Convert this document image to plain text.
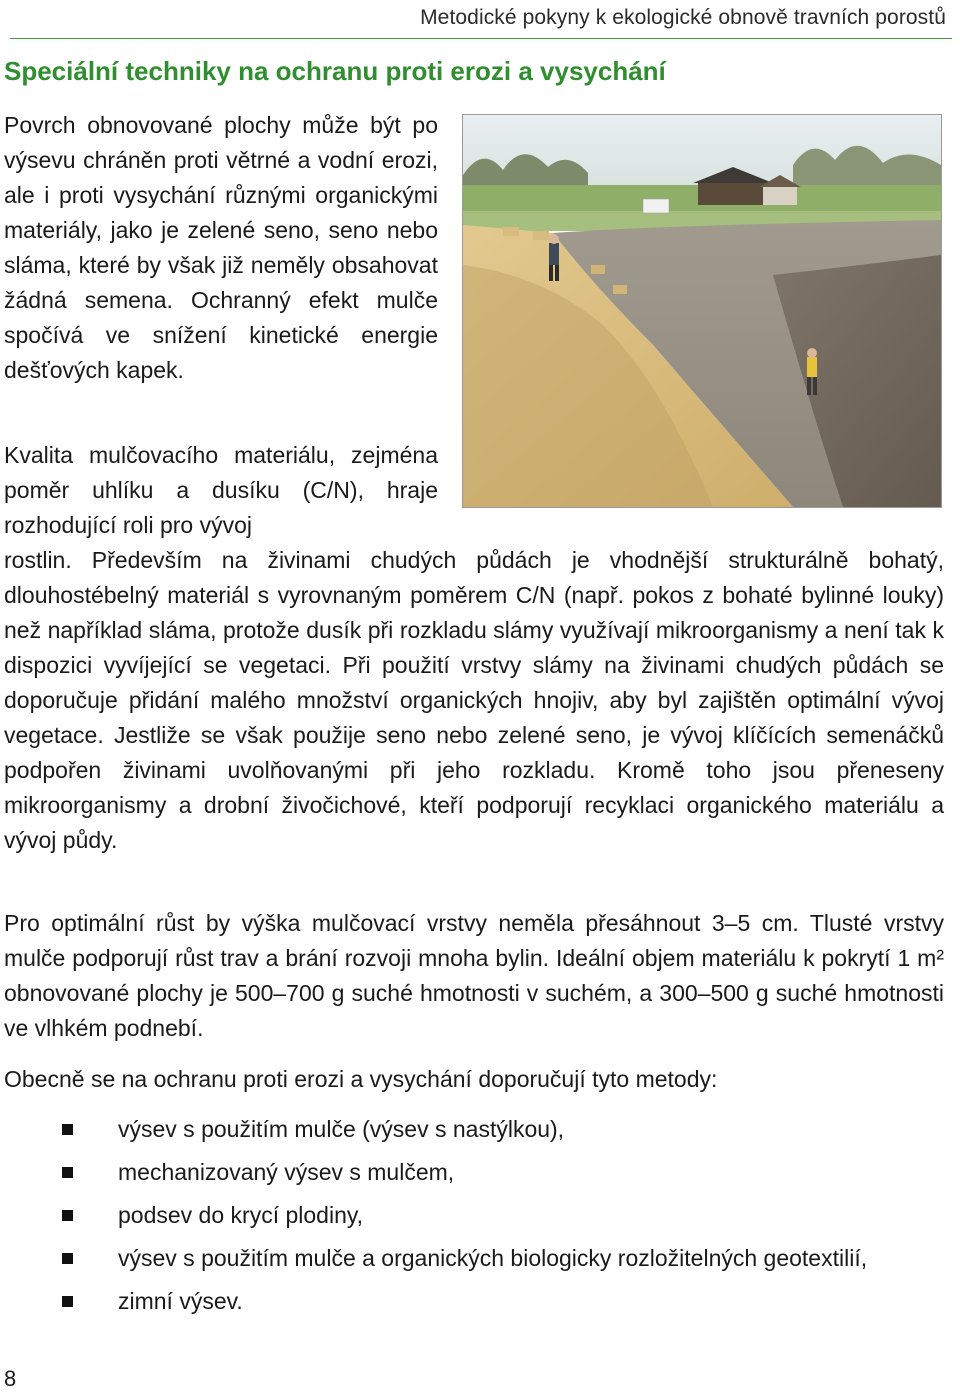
Metodické pokyny k ekologické obnově travních porostů
Speciální techniky na ochranu proti erozi a vysychání
Povrch obnovované plochy může být po výsevu chráněn proti větrné a vodní erozi, ale i proti vysychání různými organickými materiály, jako je zelené seno, seno nebo sláma, které by však již neměly obsahovat žádná semena. Ochranný efekt mulče spočívá ve snížení kinetické energie dešťových kapek.
Kvalita mulčovacího materiálu, zejména poměr uhlíku a dusíku (C/N), hraje rozhodující roli pro vývoj
rostlin. Především na živinami chudých půdách je vhodnější strukturálně bohatý, dlouhostébelný materiál s vyrovnaným poměrem C/N (např. pokos z bohaté bylinné louky) než například sláma, protože dusík při rozkladu slámy využívají mikroorganismy a není tak k dispozici vyvíjející se vegetaci. Při použití vrstvy slámy na živinami chudých půdách se doporučuje přidání malého množství organických hnojiv, aby byl zajištěn optimální vývoj vegetace. Jestliže se však použije seno nebo zelené seno, je vývoj klíčících semenáčků podpořen živinami uvolňovanými při jeho rozkladu. Kromě toho jsou přeneseny mikroorganismy a drobní živočichové, kteří podporují recyklaci organického materiálu a vývoj půdy.
Pro optimální růst by výška mulčovací vrstvy neměla přesáhnout 3–5 cm. Tlusté vrstvy mulče podporují růst trav a brání rozvoji mnoha bylin. Ideální objem materiálu k pokrytí 1 m² obnovované plochy je 500–700 g suché hmotnosti v suchém, a 300–500 g suché hmotnosti ve vlhkém podnebí.
Obecně se na ochranu proti erozi a vysychání doporučují tyto metody:
výsev s použitím mulče (výsev s nastýlkou),
mechanizovaný výsev s mulčem,
podsev do krycí plodiny,
výsev s použitím mulče a organických biologicky rozložitelných geotextilií,
zimní výsev.
8
